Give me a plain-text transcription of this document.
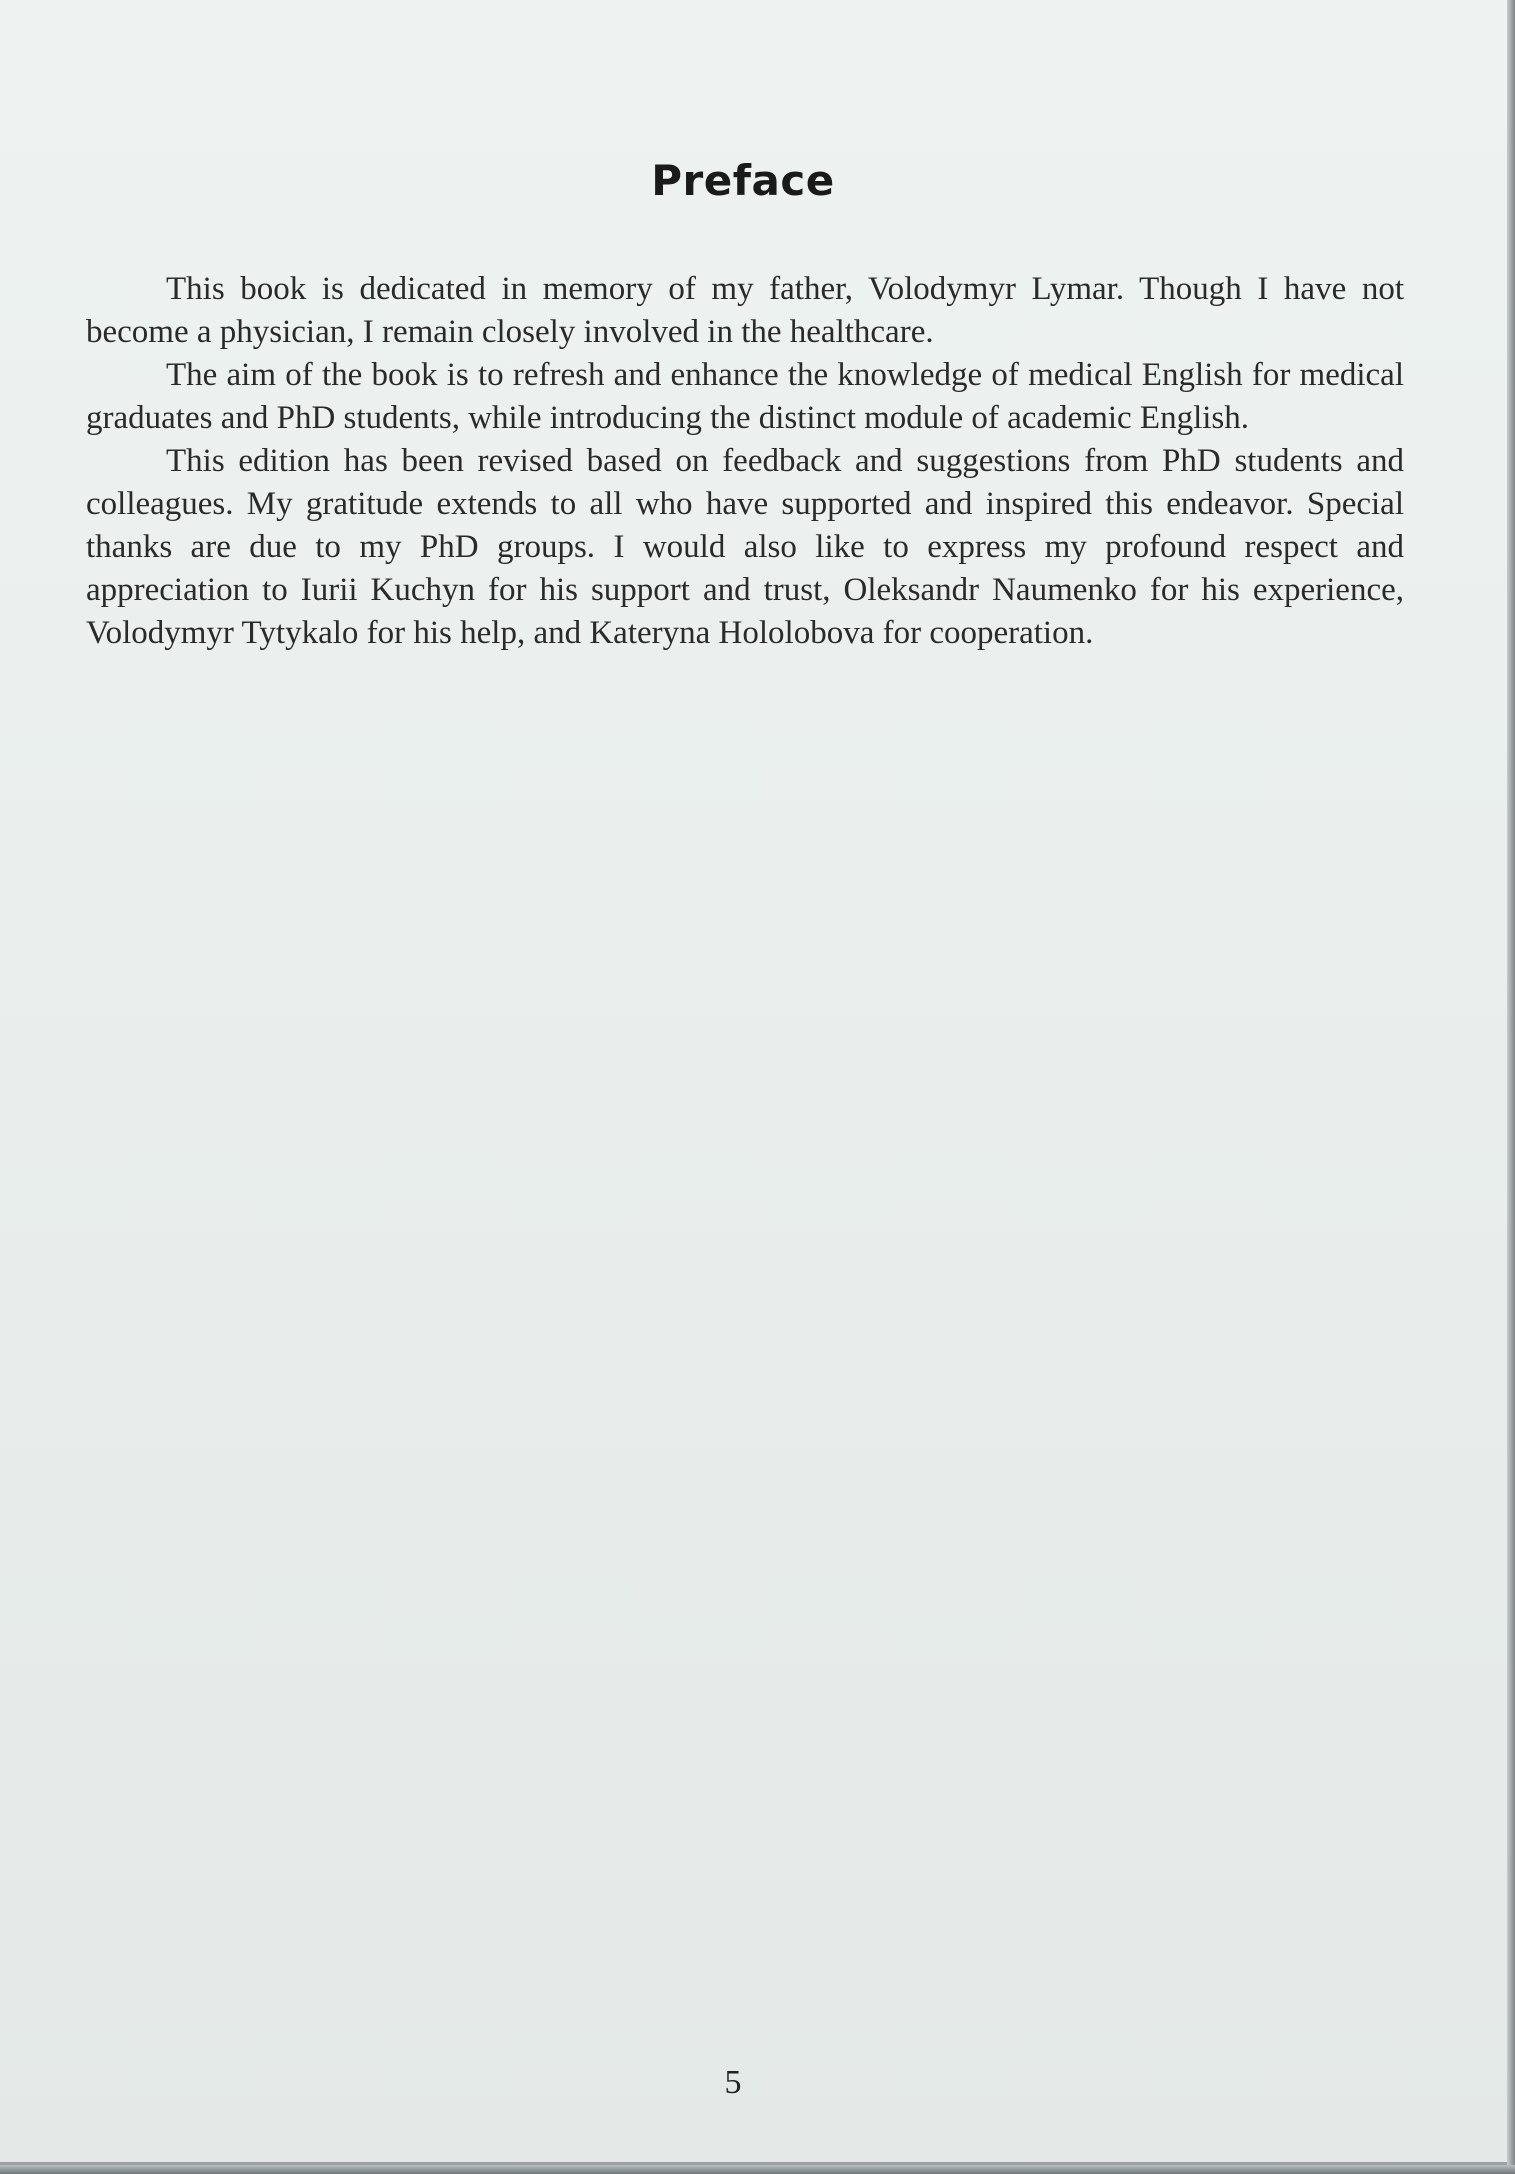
Preface

This book is dedicated in memory of my father, Volodymyr Lymar. Though I have not become a physician, I remain closely involved in the healthcare.

The aim of the book is to refresh and enhance the knowledge of medical English for medical graduates and PhD students, while introducing the distinct module of academic English.

This edition has been revised based on feedback and suggestions from PhD students and colleagues. My gratitude extends to all who have supported and inspired this endeavor. Special thanks are due to my PhD groups. I would also like to express my profound respect and appreciation to Iurii Kuchyn for his support and trust, Oleksandr Naumenko for his experience, Volodymyr Tytykalo for his help, and Kateryna Hololobova for cooperation.

5
